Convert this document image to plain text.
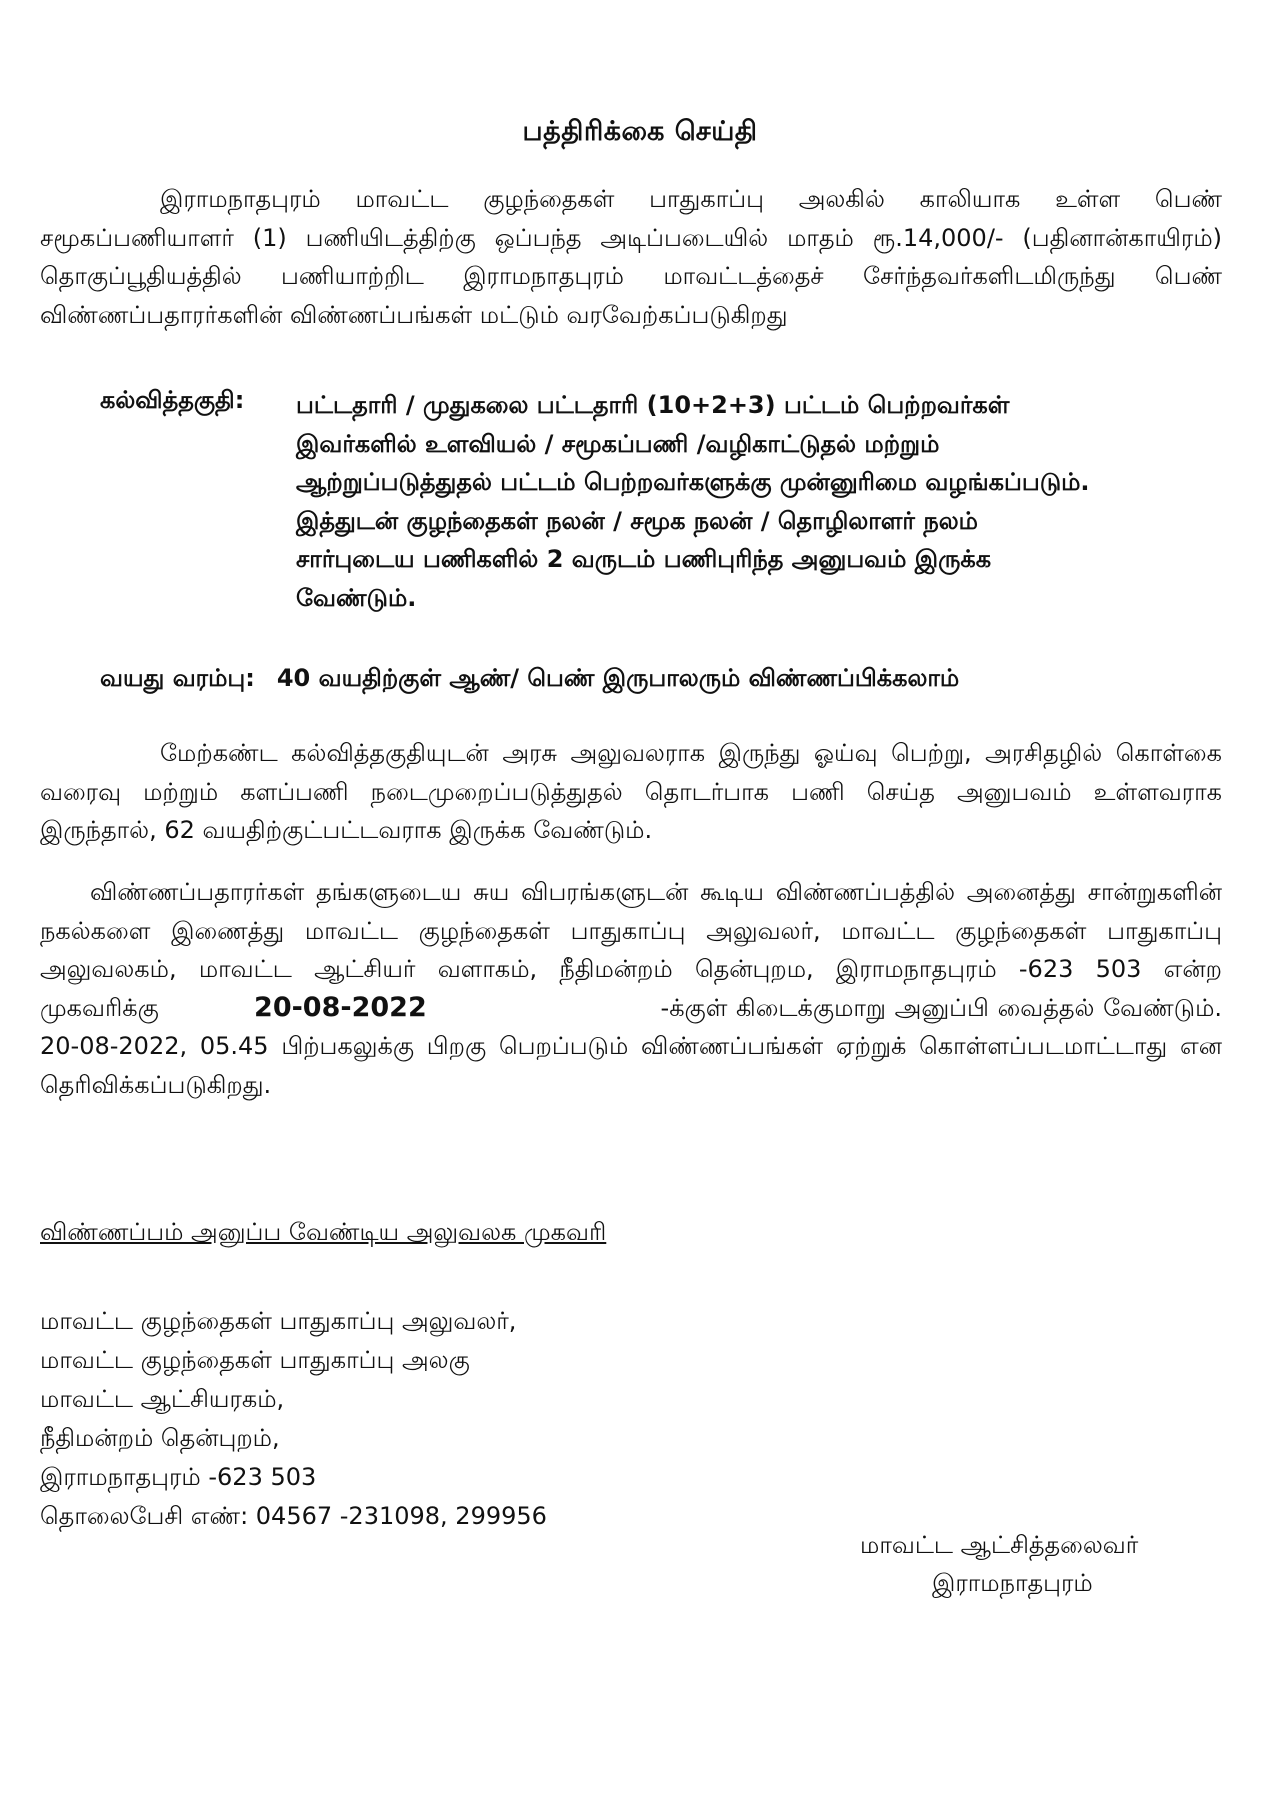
பத்திரிக்கை செய்தி
இராமநாதபுரம் மாவட்ட குழந்தைகள் பாதுகாப்பு அலகில் காலியாக உள்ள பெண் சமூகப்பணியாளர் (1) பணியிடத்திற்கு ஒப்பந்த அடிப்படையில் மாதம் ரூ.14,000/- (பதினான்காயிரம்) தொகுப்பூதியத்தில் பணியாற்றிட இராமநாதபுரம் மாவட்டத்தைச் சேர்ந்தவர்களிடமிருந்து பெண் விண்ணப்பதாரர்களின் விண்ணப்பங்கள் மட்டும் வரவேற்கப்படுகிறது
கல்வித்தகுதி: பட்டதாரி / முதுகலை பட்டதாரி (10+2+3) பட்டம் பெற்றவர்கள்
இவர்களில் உளவியல் / சமூகப்பணி /வழிகாட்டுதல் மற்றும்
ஆற்றுப்படுத்துதல் பட்டம் பெற்றவர்களுக்கு முன்னுரிமை வழங்கப்படும்.
இத்துடன் குழந்தைகள் நலன் / சமூக நலன் / தொழிலாளர் நலம்
சார்புடைய பணிகளில் 2 வருடம் பணிபுரிந்த அனுபவம் இருக்க
வேண்டும்.
வயது வரம்பு: 40 வயதிற்குள் ஆண்/ பெண் இருபாலரும் விண்ணப்பிக்கலாம்
மேற்கண்ட கல்வித்தகுதியுடன் அரசு அலுவலராக இருந்து ஓய்வு பெற்று, அரசிதழில் கொள்கை வரைவு மற்றும் களப்பணி நடைமுறைப்படுத்துதல் தொடர்பாக பணி செய்த அனுபவம் உள்ளவராக இருந்தால், 62 வயதிற்குட்பட்டவராக இருக்க வேண்டும்.
விண்ணப்பதாரர்கள் தங்களுடைய சுய விபரங்களுடன் கூடிய விண்ணப்பத்தில் அனைத்து சான்றுகளின் நகல்களை இணைத்து மாவட்ட குழந்தைகள் பாதுகாப்பு அலுவலர், மாவட்ட குழந்தைகள் பாதுகாப்பு அலுவலகம், மாவட்ட ஆட்சியர் வளாகம், நீதிமன்றம் தென்புறம, இராமநாதபுரம் -623 503 என்ற முகவரிக்கு	20-08-2022	-க்குள் கிடைக்குமாறு அனுப்பி வைத்தல் வேண்டும். 20-08-2022, 05.45 பிற்பகலுக்கு பிறகு பெறப்படும் விண்ணப்பங்கள் ஏற்றுக் கொள்ளப்படமாட்டாது என தெரிவிக்கப்படுகிறது.
விண்ணப்பம் அனுப்ப வேண்டிய அலுவலக முகவரி
மாவட்ட குழந்தைகள் பாதுகாப்பு அலுவலர்,
மாவட்ட குழந்தைகள் பாதுகாப்பு அலகு
மாவட்ட ஆட்சியரகம்,
நீதிமன்றம் தென்புறம்,
இராமநாதபுரம் -623 503
தொலைபேசி எண்: 04567 -231098, 299956
மாவட்ட ஆட்சித்தலைவர்
இராமநாதபுரம்
